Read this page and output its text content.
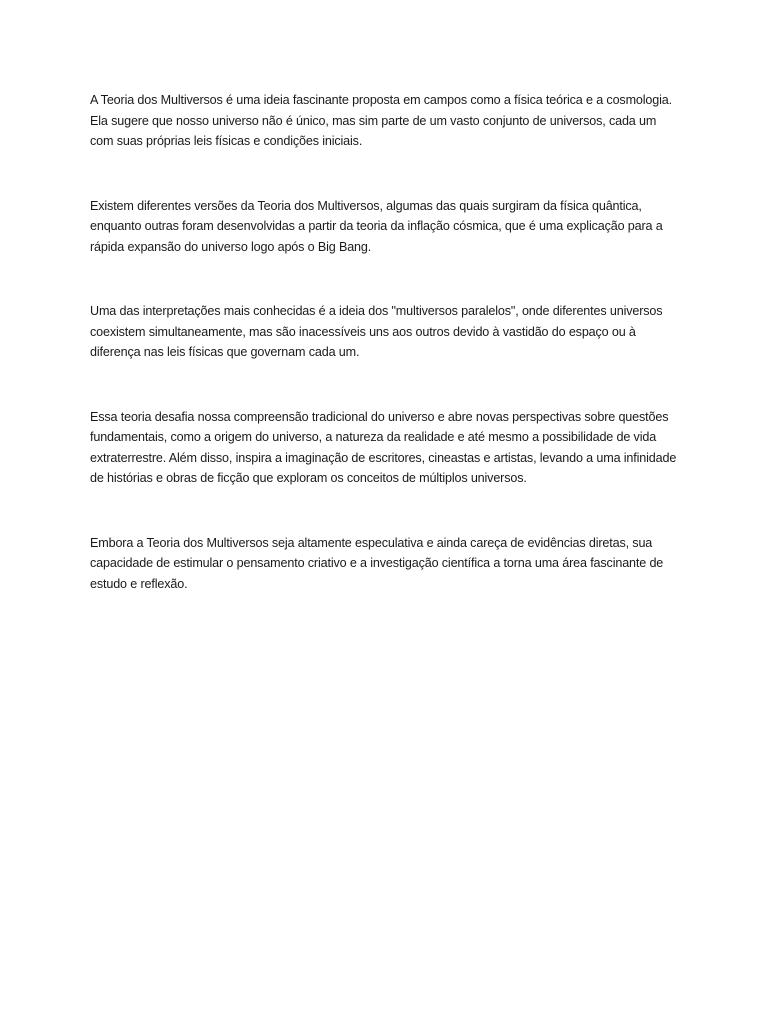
A Teoria dos Multiversos é uma ideia fascinante proposta em campos como a física teórica e a cosmologia. Ela sugere que nosso universo não é único, mas sim parte de um vasto conjunto de universos, cada um com suas próprias leis físicas e condições iniciais.

Existem diferentes versões da Teoria dos Multiversos, algumas das quais surgiram da física quântica, enquanto outras foram desenvolvidas a partir da teoria da inflação cósmica, que é uma explicação para a rápida expansão do universo logo após o Big Bang.

Uma das interpretações mais conhecidas é a ideia dos "multiversos paralelos", onde diferentes universos coexistem simultaneamente, mas são inacessíveis uns aos outros devido à vastidão do espaço ou à diferença nas leis físicas que governam cada um.

Essa teoria desafia nossa compreensão tradicional do universo e abre novas perspectivas sobre questões fundamentais, como a origem do universo, a natureza da realidade e até mesmo a possibilidade de vida extraterrestre. Além disso, inspira a imaginação de escritores, cineastas e artistas, levando a uma infinidade de histórias e obras de ficção que exploram os conceitos de múltiplos universos.

Embora a Teoria dos Multiversos seja altamente especulativa e ainda careça de evidências diretas, sua capacidade de estimular o pensamento criativo e a investigação científica a torna uma área fascinante de estudo e reflexão.
